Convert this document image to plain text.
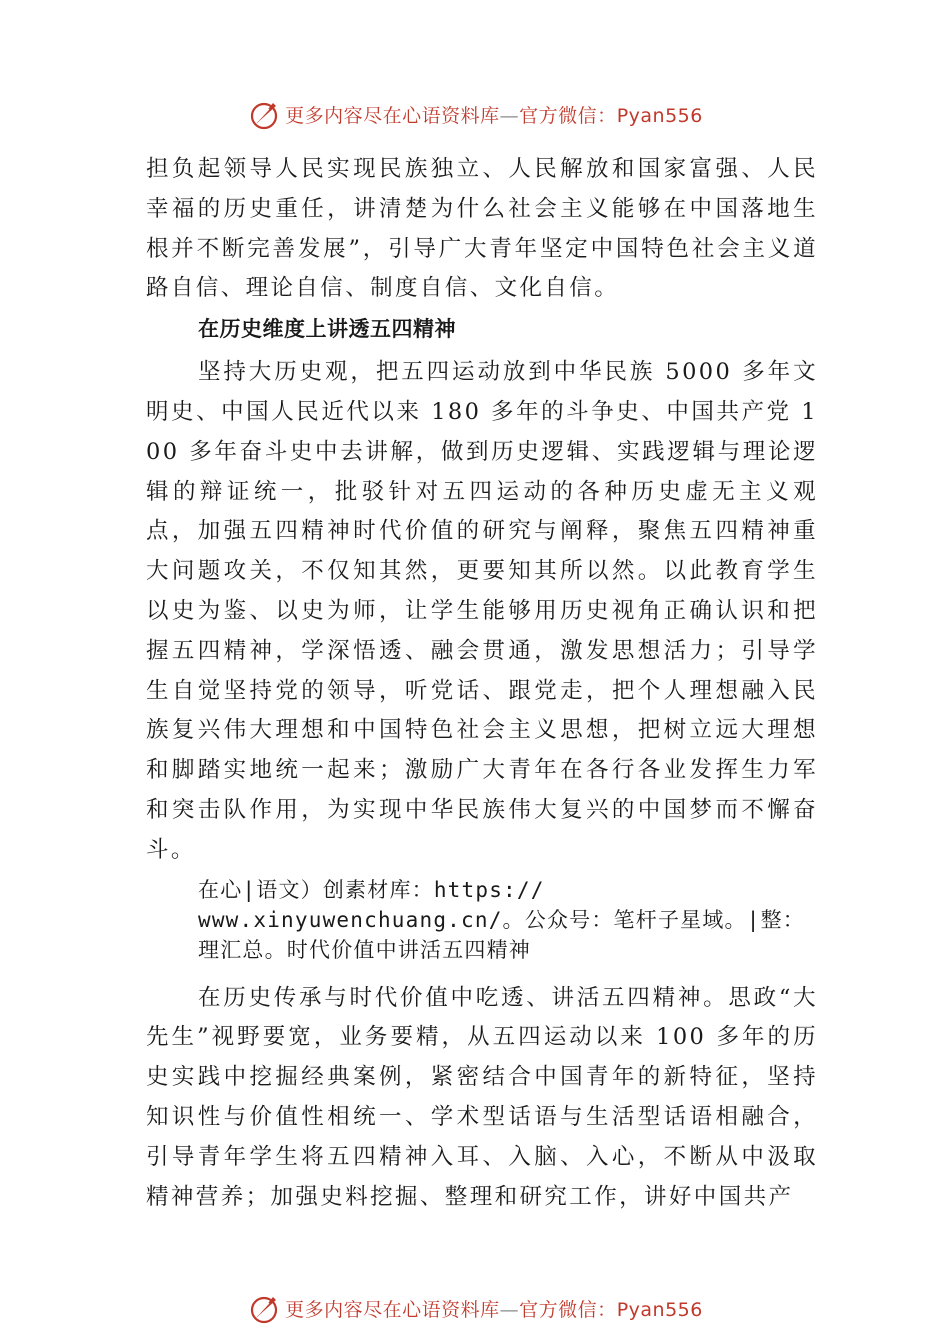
更多内容尽在心语资料库—官方微信：Pyan556

担负起领导人民实现民族独立、人民解放和国家富强、人民幸福的历史重任，讲清楚为什么社会主义能够在中国落地生根并不断完善发展”，引导广大青年坚定中国特色社会主义道路自信、理论自信、制度自信、文化自信。

在历史维度上讲透五四精神

坚持大历史观，把五四运动放到中华民族 5000 多年文明史、中国人民近代以来 180 多年的斗争史、中国共产党 100 多年奋斗史中去讲解，做到历史逻辑、实践逻辑与理论逻辑的辩证统一，批驳针对五四运动的各种历史虚无主义观点，加强五四精神时代价值的研究与阐释，聚焦五四精神重大问题攻关，不仅知其然，更要知其所以然。以此教育学生以史为鉴、以史为师，让学生能够用历史视角正确认识和把握五四精神，学深悟透、融会贯通，激发思想活力；引导学生自觉坚持党的领导，听党话、跟党走，把个人理想融入民族复兴伟大理想和中国特色社会主义思想，把树立远大理想和脚踏实地统一起来；激励广大青年在各行各业发挥生力军和突击队作用，为实现中华民族伟大复兴的中国梦而不懈奋斗。

在心|语文）创素材库：https://
www.xinyuwenchuang.cn/。公众号：笔杆子星域。|整：
理汇总。时代价值中讲活五四精神

在历史传承与时代价值中吃透、讲活五四精神。思政“大先生”视野要宽，业务要精，从五四运动以来 100 多年的历史实践中挖掘经典案例，紧密结合中国青年的新特征，坚持知识性与价值性相统一、学术型话语与生活型话语相融合，引导青年学生将五四精神入耳、入脑、入心，不断从中汲取精神营养；加强史料挖掘、整理和研究工作，讲好中国共产

更多内容尽在心语资料库—官方微信：Pyan556
